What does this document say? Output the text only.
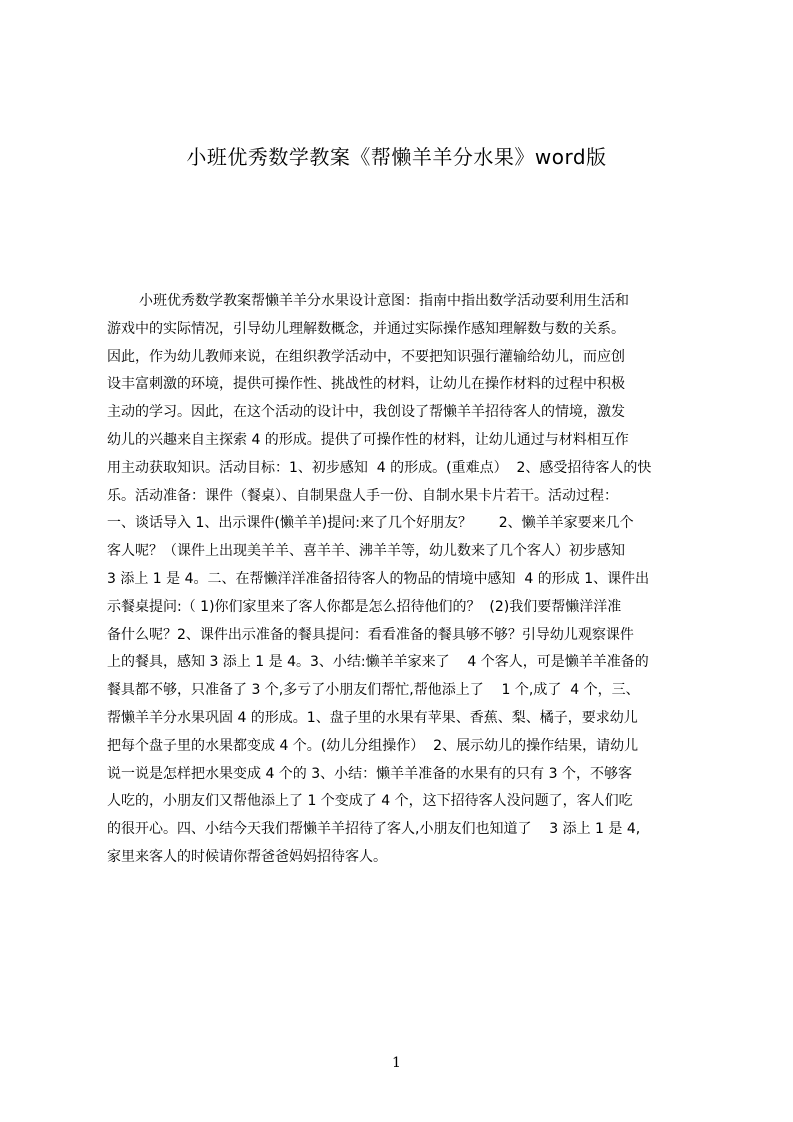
小班优秀数学教案《帮懒羊羊分水果》word版
小班优秀数学教案帮懒羊羊分水果设计意图：指南中指出数学活动要利用生活和
游戏中的实际情况，引导幼儿理解数概念，并通过实际操作感知理解数与数的关系。
因此，作为幼儿教师来说，在组织教学活动中，不要把知识强行灌输给幼儿，而应创
设丰富刺激的环境，提供可操作性、挑战性的材料，让幼儿在操作材料的过程中积极
主动的学习。因此，在这个活动的设计中，我创设了帮懒羊羊招待客人的情境，激发
幼儿的兴趣来自主探索 4 的形成。提供了可操作性的材料，让幼儿通过与材料相互作
用主动获取知识。活动目标：1、初步感知  4 的形成。(重难点）  2、感受招待客人的快
乐。活动准备：课件（餐桌）、自制果盘人手一份、自制水果卡片若干。活动过程：
一、谈话导入 1、出示课件(懒羊羊)提问:来了几个好朋友？      2、懒羊羊家要来几个
客人呢？（课件上出现美羊羊、喜羊羊、沸羊羊等，幼儿数来了几个客人）初步感知
3 添上 1 是 4。二、在帮懒洋洋准备招待客人的物品的情境中感知  4 的形成 1、课件出
示餐桌提问:（ 1)你们家里来了客人你都是怎么招待他们的？  (2)我们要帮懒洋洋准
备什么呢？2、课件出示准备的餐具提问：看看准备的餐具够不够？引导幼儿观察课件
上的餐具，感知 3 添上 1 是 4。3、小结:懒羊羊家来了    4 个客人，可是懒羊羊准备的
餐具都不够，只准备了 3 个,多亏了小朋友们帮忙,帮他添上了    1 个,成了  4 个，三、
帮懒羊羊分水果巩固 4 的形成。1、盘子里的水果有苹果、香蕉、梨、橘子，要求幼儿
把每个盘子里的水果都变成 4 个。(幼儿分组操作）  2、展示幼儿的操作结果，请幼儿
说一说是怎样把水果变成 4 个的 3、小结：懒羊羊准备的水果有的只有 3 个，不够客
人吃的，小朋友们又帮他添上了 1 个变成了 4 个，这下招待客人没问题了，客人们吃
的很开心。四、小结今天我们帮懒羊羊招待了客人,小朋友们也知道了    3 添上 1 是 4,
家里来客人的时候请你帮爸爸妈妈招待客人。
1
